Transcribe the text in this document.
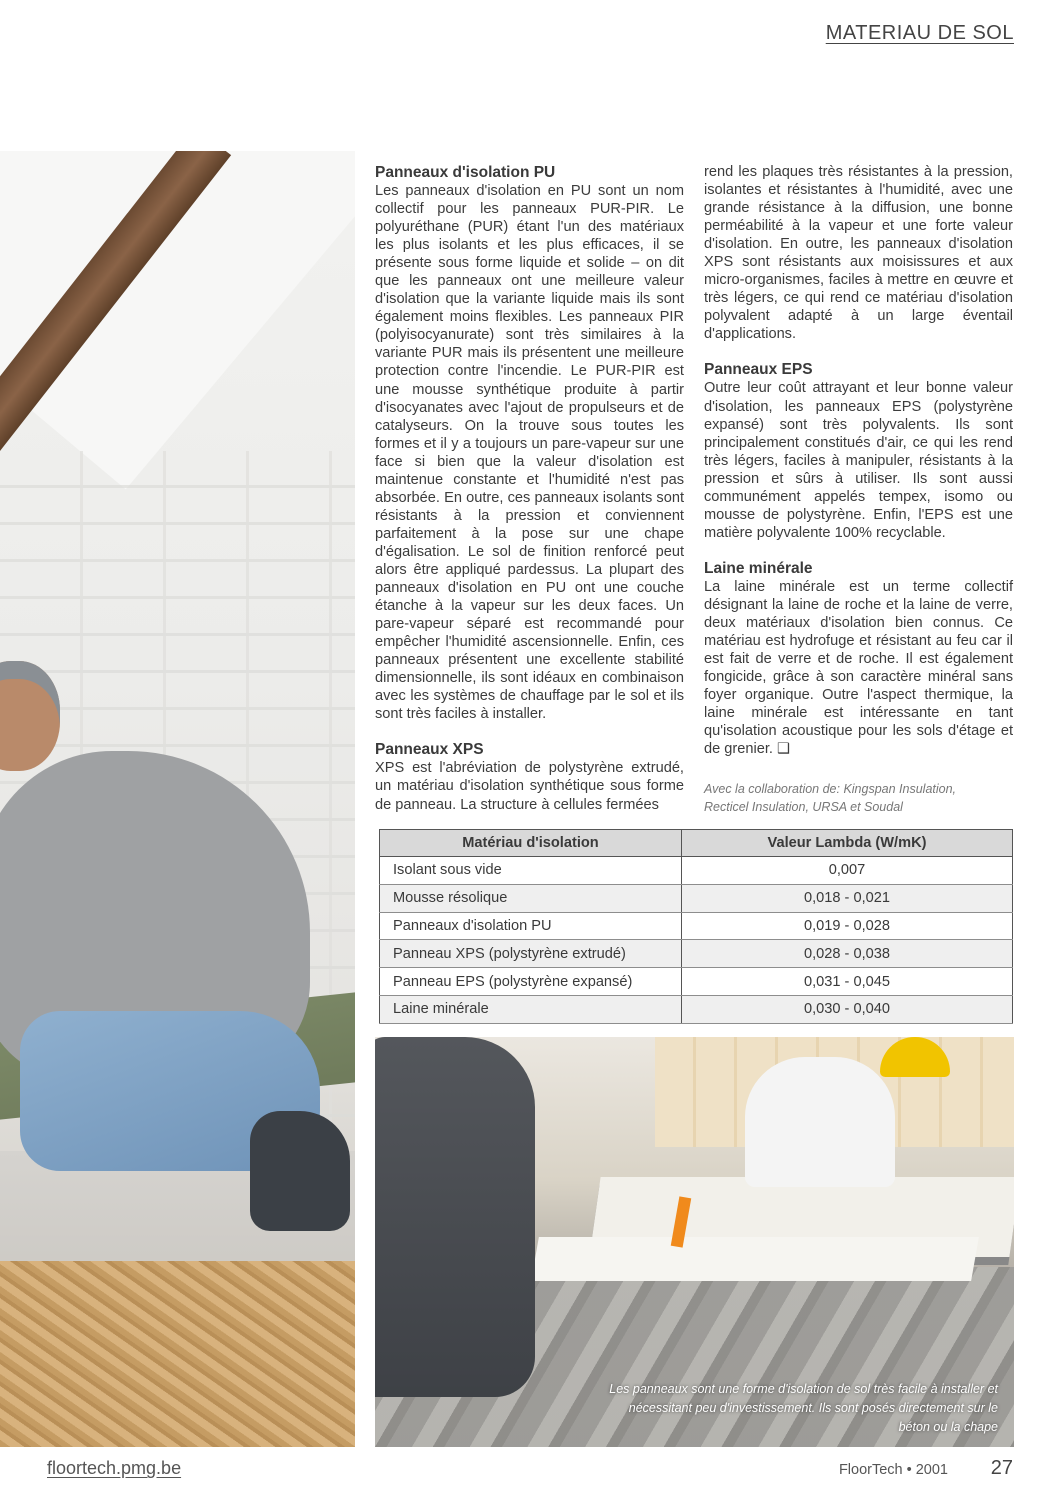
MATERIAU DE SOL
Panneaux d'isolation PU

Les panneaux d'isolation en PU sont un nom collectif pour les panneaux PUR-PIR. Le polyuréthane (PUR) étant l'un des matériaux les plus isolants et les plus efficaces, il se présente sous forme liquide et solide – on dit que les panneaux ont une meilleure valeur d'isolation que la variante liquide mais ils sont également moins flexibles. Les panneaux PIR (polyisocyanurate) sont très similaires à la variante PUR mais ils présentent une meilleure protection contre l'incendie. Le PUR-PIR est une mousse synthétique produite à partir d'isocyanates avec l'ajout de propulseurs et de catalyseurs. On la trouve sous toutes les formes et il y a toujours un pare-vapeur sur une face si bien que la valeur d'isolation est maintenue constante et l'humidité n'est pas absorbée. En outre, ces panneaux isolants sont résistants à la pression et conviennent parfaitement à la pose sur une chape d'égalisation. Le sol de finition renforcé peut alors être appliqué pardessus. La plupart des panneaux d'isolation en PU ont une couche étanche à la vapeur sur les deux faces. Un pare-vapeur séparé est recommandé pour empêcher l'humidité ascensionnelle. Enfin, ces panneaux présentent une excellente stabilité dimensionnelle, ils sont idéaux en combinaison avec les systèmes de chauffage par le sol et ils sont très faciles à installer.

Panneaux XPS

XPS est l'abréviation de polystyrène extrudé, un matériau d'isolation synthétique sous forme de panneau. La structure à cellules fermées

rend les plaques très résistantes à la pression, isolantes et résistantes à l'humidité, avec une grande résistance à la diffusion, une bonne perméabilité à la vapeur et une forte valeur d'isolation. En outre, les panneaux d'isolation XPS sont résistants aux moisissures et aux micro-organismes, faciles à mettre en œuvre et très légers, ce qui rend ce matériau d'isolation polyvalent adapté à un large éventail d'applications.

Panneaux EPS

Outre leur coût attrayant et leur bonne valeur d'isolation, les panneaux EPS (polystyrène expansé) sont très polyvalents. Ils sont principalement constitués d'air, ce qui les rend très légers, faciles à manipuler, résistants à la pression et sûrs à utiliser. Ils sont aussi communément appelés tempex, isomo ou mousse de polystyrène. Enfin, l'EPS est une matière polyvalente 100% recyclable.

Laine minérale

La laine minérale est un terme collectif désignant la laine de roche et la laine de verre, deux matériaux d'isolation bien connus. Ce matériau est hydrofuge et résistant au feu car il est fait de verre et de roche. Il est également fongicide, grâce à son caractère minéral sans foyer organique. Outre l'aspect thermique, la laine minérale est intéressante en tant qu'isolation acoustique pour les sols d'étage et de grenier. ❑

Avec la collaboration de: Kingspan Insulation,
Recticel Insulation, URSA et Soudal
Matériau d'isolation	Valeur Lambda (W/mK)
Isolant sous vide	0,007
Mousse résolique	0,018 - 0,021
Panneaux d'isolation PU	0,019 - 0,028
Panneau XPS (polystyrène extrudé)	0,028 - 0,038
Panneau EPS (polystyrène expansé)	0,031 - 0,045
Laine minérale	0,030 - 0,040
Les panneaux sont une forme d'isolation de sol très facile à installer et
nécessitant peu d'investissement. Ils sont posés directement sur le
béton ou la chape
floortech.pmg.be	FloorTech • 2001 27
